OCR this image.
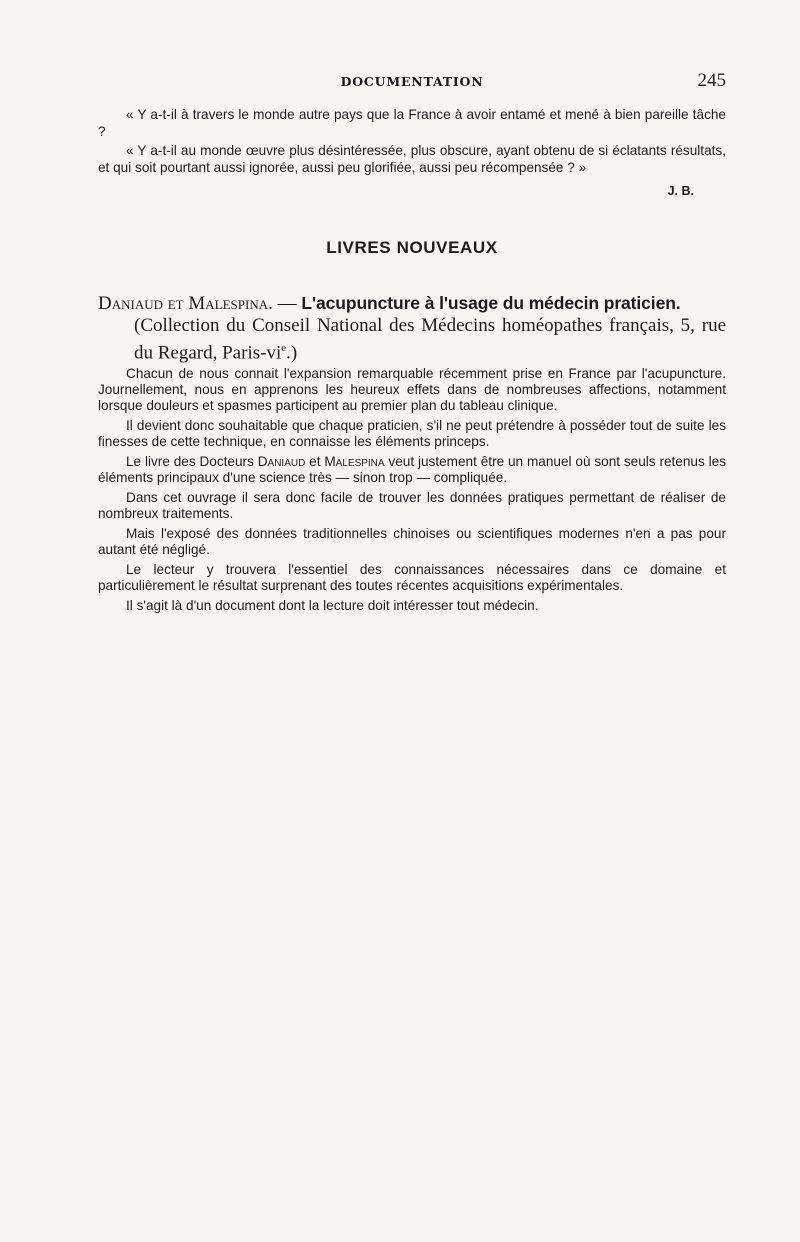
DOCUMENTATION	245

« Y a-t-il à travers le monde autre pays que la France à avoir entamé et mené à bien pareille tâche ?

« Y a-t-il au monde œuvre plus désintéressée, plus obscure, ayant obtenu de si éclatants résultats, et qui soit pourtant aussi ignorée, aussi peu glorifiée, aussi peu récompensée ? »

J. B.
LIVRES NOUVEAUX
Daniaud et Malespina. — L'acupuncture à l'usage du médecin praticien.
(Collection du Conseil National des Médecins homéopathes français, 5, rue du Regard, Paris-$vi^e$.)

Chacun de nous connait l'expansion remarquable récemment prise en France par l'acupuncture. Journellement, nous en apprenons les heureux effets dans de nombreuses affections, notamment lorsque douleurs et spasmes participent au premier plan du tableau clinique.

Il devient donc souhaitable que chaque praticien, s'il ne peut prétendre à posséder tout de suite les finesses de cette technique, en connaisse les éléments princeps.

Le livre des Docteurs Daniaud et Malespina veut justement être un manuel où sont seuls retenus les éléments principaux d'une science très — sinon trop — compliquée.

Dans cet ouvrage il sera donc facile de trouver les données pratiques permettant de réaliser de nombreux traitements.

Mais l'exposé des données traditionnelles chinoises ou scientifiques modernes n'en a pas pour autant été négligé.

Le lecteur y trouvera l'essentiel des connaissances nécessaires dans ce domaine et particulièrement le résultat surprenant des toutes récentes acquisitions expérimentales.

Il s'agit là d'un document dont la lecture doit intéresser tout médecin.
